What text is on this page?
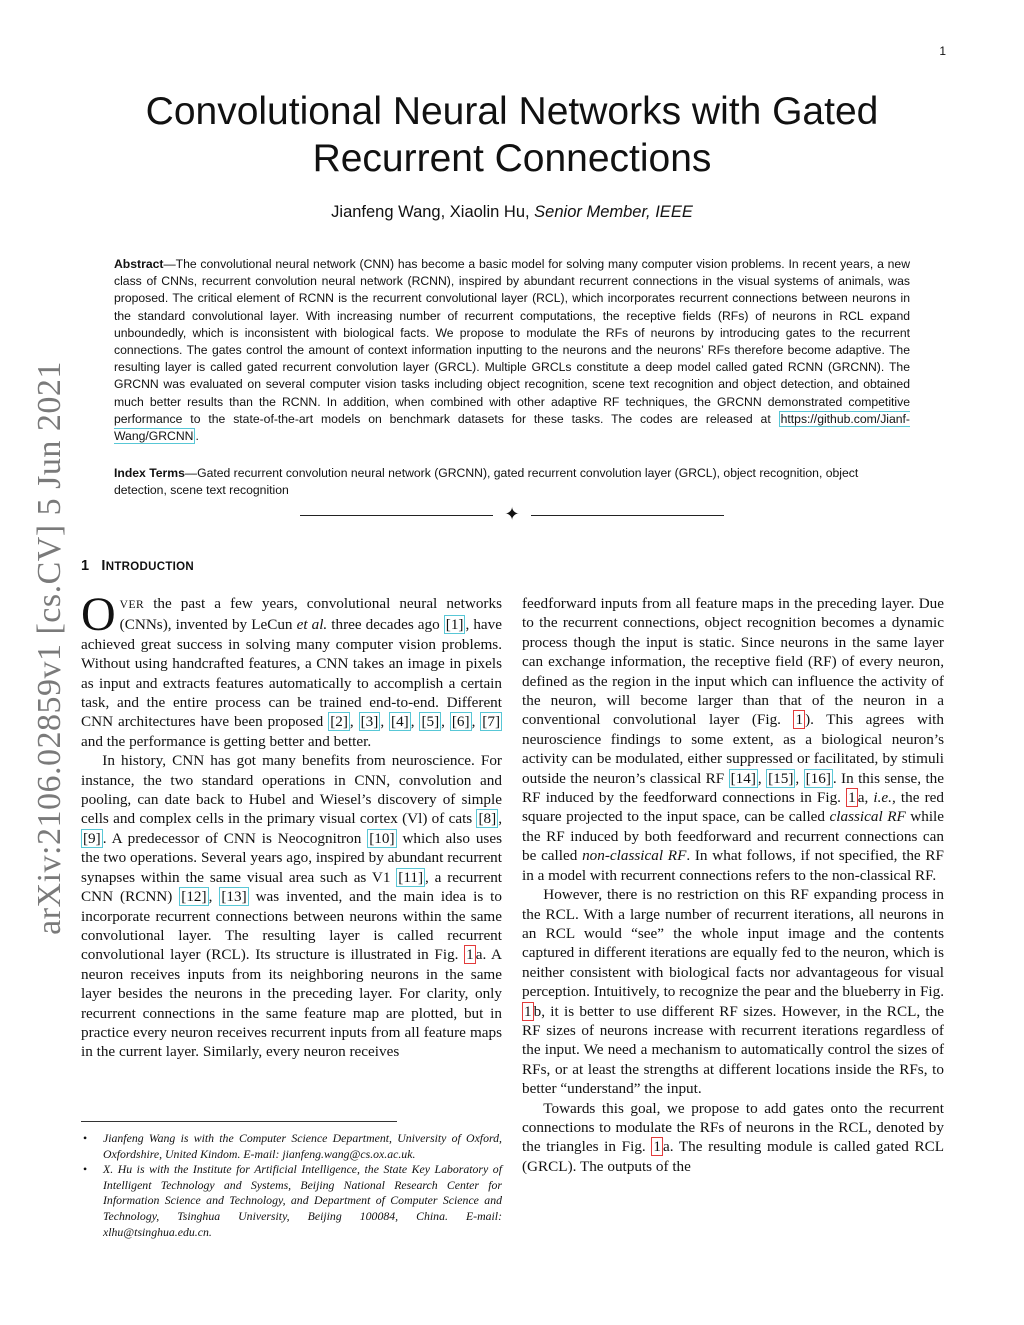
1
arXiv:2106.02859v1 [cs.CV] 5 Jun 2021
Convolutional Neural Networks with Gated
Recurrent Connections
Jianfeng Wang, Xiaolin Hu, Senior Member, IEEE

Abstract—The convolutional neural network (CNN) has become a basic model for solving many computer vision problems. In recent years, a new class of CNNs, recurrent convolution neural network (RCNN), inspired by abundant recurrent connections in the visual systems of animals, was proposed. The critical element of RCNN is the recurrent convolutional layer (RCL), which incorporates recurrent connections between neurons in the standard convolutional layer. With increasing number of recurrent computations, the receptive fields (RFs) of neurons in RCL expand unboundedly, which is inconsistent with biological facts. We propose to modulate the RFs of neurons by introducing gates to the recurrent connections. The gates control the amount of context information inputting to the neurons and the neurons’ RFs therefore become adaptive. The resulting layer is called gated recurrent convolution layer (GRCL). Multiple GRCLs constitute a deep model called gated RCNN (GRCNN). The GRCNN was evaluated on several computer vision tasks including object recognition, scene text recognition and object detection, and obtained much better results than the RCNN. In addition, when combined with other adaptive RF techniques, the GRCNN demonstrated competitive performance to the state-of-the-art models on benchmark datasets for these tasks. The codes are released at https://github.com/Jianf-Wang/GRCNN .

Index Terms—Gated recurrent convolution neural network (GRCNN), gated recurrent convolution layer (GRCL), object recognition, object detection, scene text recognition

✦
1 INTRODUCTION

OVER the past a few years, convolutional neural networks (CNNs), invented by LeCun et al. three decades ago [1] , have achieved great success in solving many computer vision problems. Without using handcrafted features, a CNN takes an image in pixels as input and extracts features automatically to accomplish a certain task, and the entire process can be trained end-to-end. Different CNN architectures have been proposed [2] , [3] , [4] , [5] , [6] , [7] and the performance is getting better and better.

In history, CNN has got many benefits from neuroscience. For instance, the two standard operations in CNN, convolution and pooling, can date back to Hubel and Wiesel’s discovery of simple cells and complex cells in the primary visual cortex (Vl) of cats [8] , [9] . A predecessor of CNN is Neocognitron [10] which also uses the two operations. Several years ago, inspired by abundant recurrent synapses within the same visual area such as V1 [11] , a recurrent CNN (RCNN) [12] , [13] was invented, and the main idea is to incorporate recurrent connections between neurons within the same convolutional layer. The resulting layer is called recurrent convolutional layer (RCL). Its structure is illustrated in Fig. 1 a. A neuron receives inputs from its neighboring neurons in the same layer besides the neurons in the preceding layer. For clarity, only recurrent connections in the same feature map are plotted, but in practice every neuron receives recurrent inputs from all feature maps in the current layer. Similarly, every neuron receives

• Jianfeng Wang is with the Computer Science Department, University of Oxford, Oxfordshire, United Kindom. E-mail: jianfeng.wang@cs.ox.ac.uk.
• X. Hu is with the Institute for Artificial Intelligence, the State Key Laboratory of Intelligent Technology and Systems, Beijing National Research Center for Information Science and Technology, and Department of Computer Science and Technology, Tsinghua University, Beijing 100084, China. E-mail: xlhu@tsinghua.edu.cn.

feedforward inputs from all feature maps in the preceding layer. Due to the recurrent connections, object recognition becomes a dynamic process though the input is static. Since neurons in the same layer can exchange information, the receptive field (RF) of every neuron, defined as the region in the input which can influence the activity of the neuron, will become larger than that of the neuron in a conventional convolutional layer (Fig. 1 ). This agrees with neuroscience findings to some extent, as a biological neuron’s activity can be modulated, either suppressed or facilitated, by stimuli outside the neuron’s classical RF [14] , [15] , [16] . In this sense, the RF induced by the feedforward connections in Fig. 1 a, i.e., the red square projected to the input space, can be called classical RF while the RF induced by both feedforward and recurrent connections can be called non-classical RF. In what follows, if not specified, the RF in a model with recurrent connections refers to the non-classical RF.

However, there is no restriction on this RF expanding process in the RCL. With a large number of recurrent iterations, all neurons in an RCL would “see” the whole input image and the contents captured in different iterations are equally fed to the neuron, which is neither consistent with biological facts nor advantageous for visual perception. Intuitively, to recognize the pear and the blueberry in Fig. 1 b, it is better to use different RF sizes. However, in the RCL, the RF sizes of neurons increase with recurrent iterations regardless of the input. We need a mechanism to automatically control the sizes of RFs, or at least the strengths at different locations inside the RFs, to better “understand” the input.

Towards this goal, we propose to add gates onto the recurrent connections to modulate the RFs of neurons in the RCL, denoted by the triangles in Fig. 1 a. The resulting module is called gated RCL (GRCL). The outputs of the
